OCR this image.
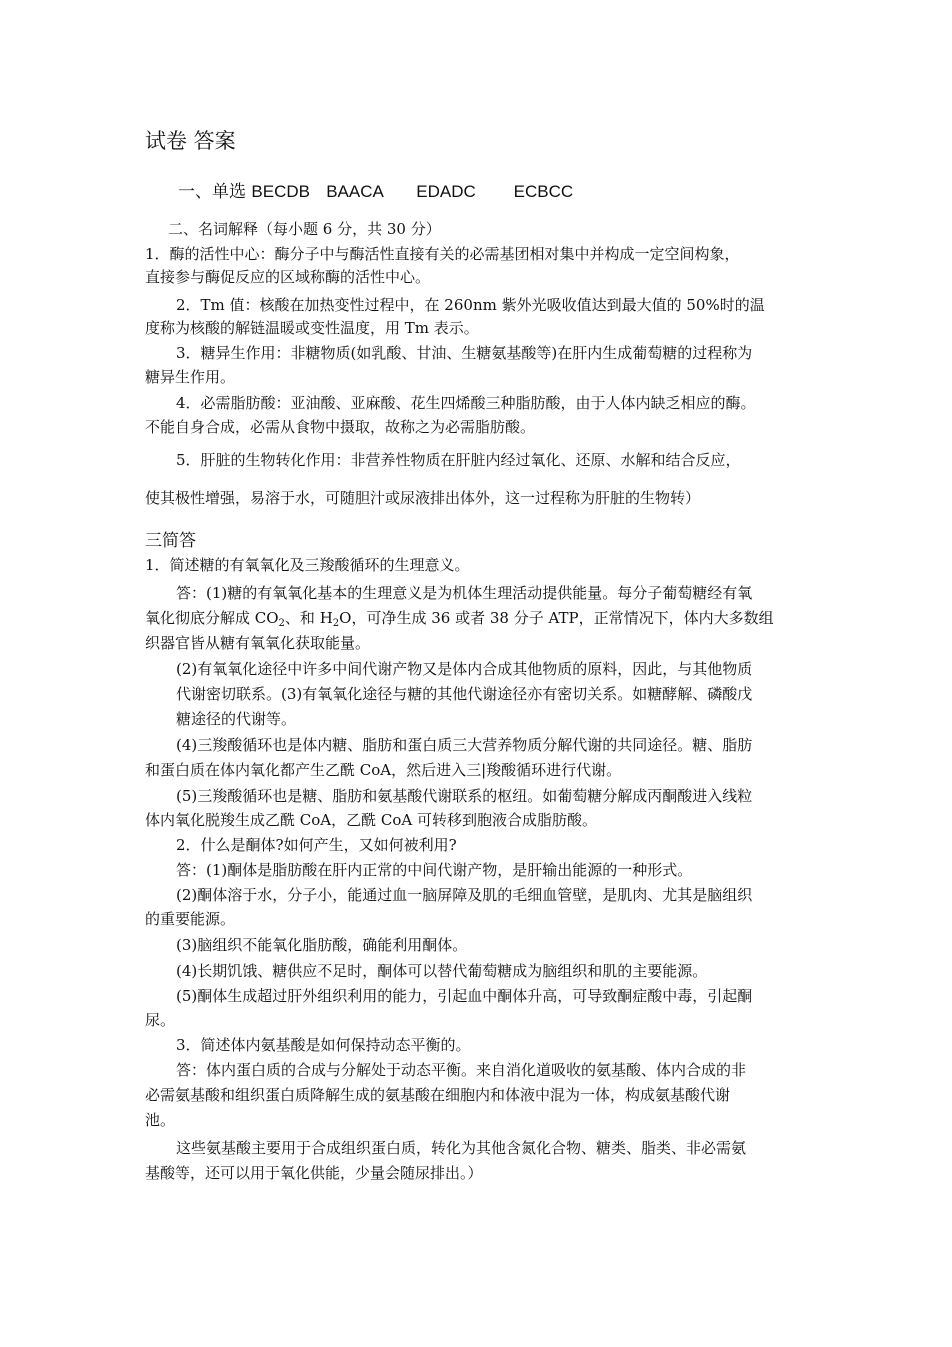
试卷 答案

一、单选 BECDB BAACA EDADC ECBCC

二、名词解释（每小题 6 分，共 30 分）

1．酶的活性中心：酶分子中与酶活性直接有关的必需基团相对集中并构成一定空间构象，

直接参与酶促反应的区域称酶的活性中心。

2．Tm 值：核酸在加热变性过程中，在 260nm 紫外光吸收值达到最大值的 50%时的温

度称为核酸的解链温暖或变性温度，用 Tm 表示。

3．糖异生作用：非糖物质(如乳酸、甘油、生糖氨基酸等)在肝内生成葡萄糖的过程称为

糖异生作用。

4．必需脂肪酸：亚油酸、亚麻酸、花生四烯酸三种脂肪酸，由于人体内缺乏相应的酶。

不能自身合成，必需从食物中摄取，故称之为必需脂肪酸。

5．肝脏的生物转化作用：非营养性物质在肝脏内经过氧化、还原、水解和结合反应，

使其极性增强，易溶于水，可随胆汁或尿液排出体外，这一过程称为肝脏的生物转）

三简答

1．简述糖的有氧氧化及三羧酸循环的生理意义。

答：(1)糖的有氧氧化基本的生理意义是为机体生理活动提供能量。每分子葡萄糖经有氧

氧化彻底分解成 $CO_2$、和 $H_2O$，可净生成 36 或者 38 分子 ATP，正常情况下，体内大多数组

织器官皆从糖有氧氧化获取能量。

(2)有氧氧化途径中许多中间代谢产物又是体内合成其他物质的原料，因此，与其他物质

代谢密切联系。(3)有氧氧化途径与糖的其他代谢途径亦有密切关系。如糖酵解、磷酸戊

糖途径的代谢等。

(4)三羧酸循环也是体内糖、脂肪和蛋白质三大营养物质分解代谢的共同途径。糖、脂肪

和蛋白质在体内氧化都产生乙酰 CoA，然后进入三|羧酸循环进行代谢。

(5)三羧酸循环也是糖、脂肪和氨基酸代谢联系的枢纽。如葡萄糖分解成丙酮酸进入线粒

体内氧化脱羧生成乙酰 CoA，乙酰 CoA 可转移到胞液合成脂肪酸。

2．什么是酮体?如何产生，又如何被利用?

答：(1)酮体是脂肪酸在肝内正常的中间代谢产物，是肝输出能源的一种形式。

(2)酮体溶于水，分子小，能通过血一脑屏障及肌的毛细血管壁，是肌肉、尤其是脑组织

的重要能源。

(3)脑组织不能氧化脂肪酸，确能利用酮体。

(4)长期饥饿、糖供应不足时，酮体可以替代葡萄糖成为脑组织和肌的主要能源。

(5)酮体生成超过肝外组织利用的能力，引起血中酮体升高，可导致酮症酸中毒，引起酮

尿。

3．简述体内氨基酸是如何保持动态平衡的。

答：体内蛋白质的合成与分解处于动态平衡。来自消化道吸收的氨基酸、体内合成的非

必需氨基酸和组织蛋白质降解生成的氨基酸在细胞内和体液中混为一体，构成氨基酸代谢

池。

这些氨基酸主要用于合成组织蛋白质，转化为其他含氮化合物、糖类、脂类、非必需氨

基酸等，还可以用于氧化供能，少量会随尿排出。）
